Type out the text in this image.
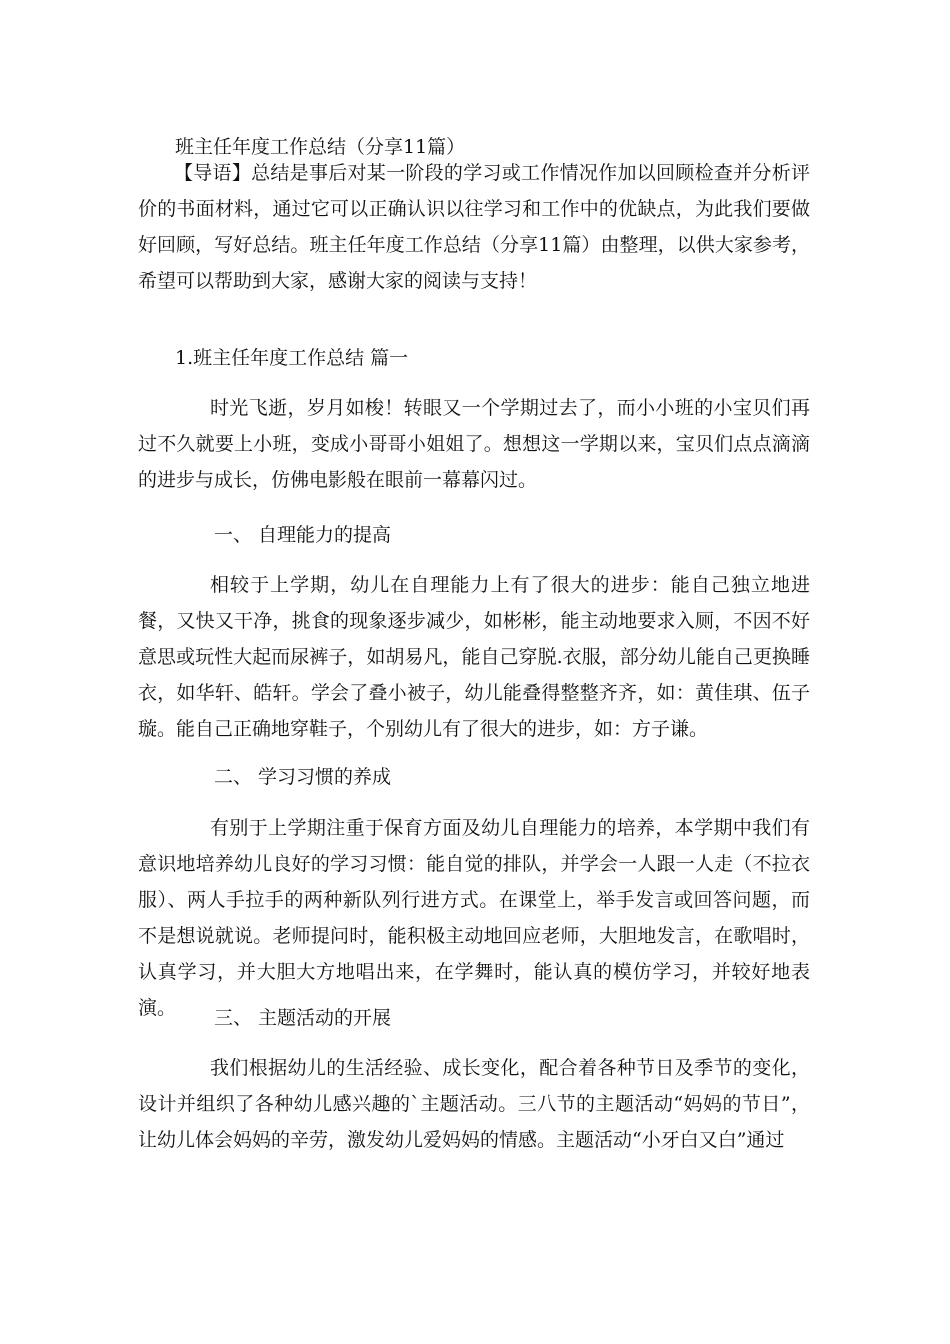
班主任年度工作总结（分享11篇）
【导语】总结是事后对某一阶段的学习或工作情况作加以回顾检查并分析评价的书面材料，通过它可以正确认识以往学习和工作中的优缺点，为此我们要做好回顾，写好总结。班主任年度工作总结（分享11篇）由整理，以供大家参考，希望可以帮助到大家，感谢大家的阅读与支持！
1.班主任年度工作总结 篇一
时光飞逝，岁月如梭！转眼又一个学期过去了，而小小班的小宝贝们再过不久就要上小班，变成小哥哥小姐姐了。想想这一学期以来，宝贝们点点滴滴的进步与成长，仿佛电影般在眼前一幕幕闪过。
一、 自理能力的提高
相较于上学期，幼儿在自理能力上有了很大的进步：能自己独立地进餐，又快又干净，挑食的现象逐步减少，如彬彬，能主动地要求入厕，不因不好意思或玩性大起而尿裤子，如胡易凡，能自己穿脱.衣服，部分幼儿能自己更换睡衣，如华轩、皓轩。学会了叠小被子，幼儿能叠得整整齐齐，如：黄佳琪、伍子璇。能自己正确地穿鞋子，个别幼儿有了很大的进步，如：方子谦。
二、 学习习惯的养成
有别于上学期注重于保育方面及幼儿自理能力的培养，本学期中我们有意识地培养幼儿良好的学习习惯：能自觉的排队，并学会一人跟一人走（不拉衣服）、两人手拉手的两种新队列行进方式。在课堂上，举手发言或回答问题，而不是想说就说。老师提问时，能积极主动地回应老师，大胆地发言，在歌唱时，认真学习，并大胆大方地唱出来，在学舞时，能认真的模仿学习，并较好地表演。	三、 主题活动的开展
我们根据幼儿的生活经验、成长变化，配合着各种节日及季节的变化，设计并组织了各种幼儿感兴趣的`主题活动。三八节的主题活动“妈妈的节日”，让幼儿体会妈妈的辛劳，激发幼儿爱妈妈的情感。主题活动“小牙白又白”通过
